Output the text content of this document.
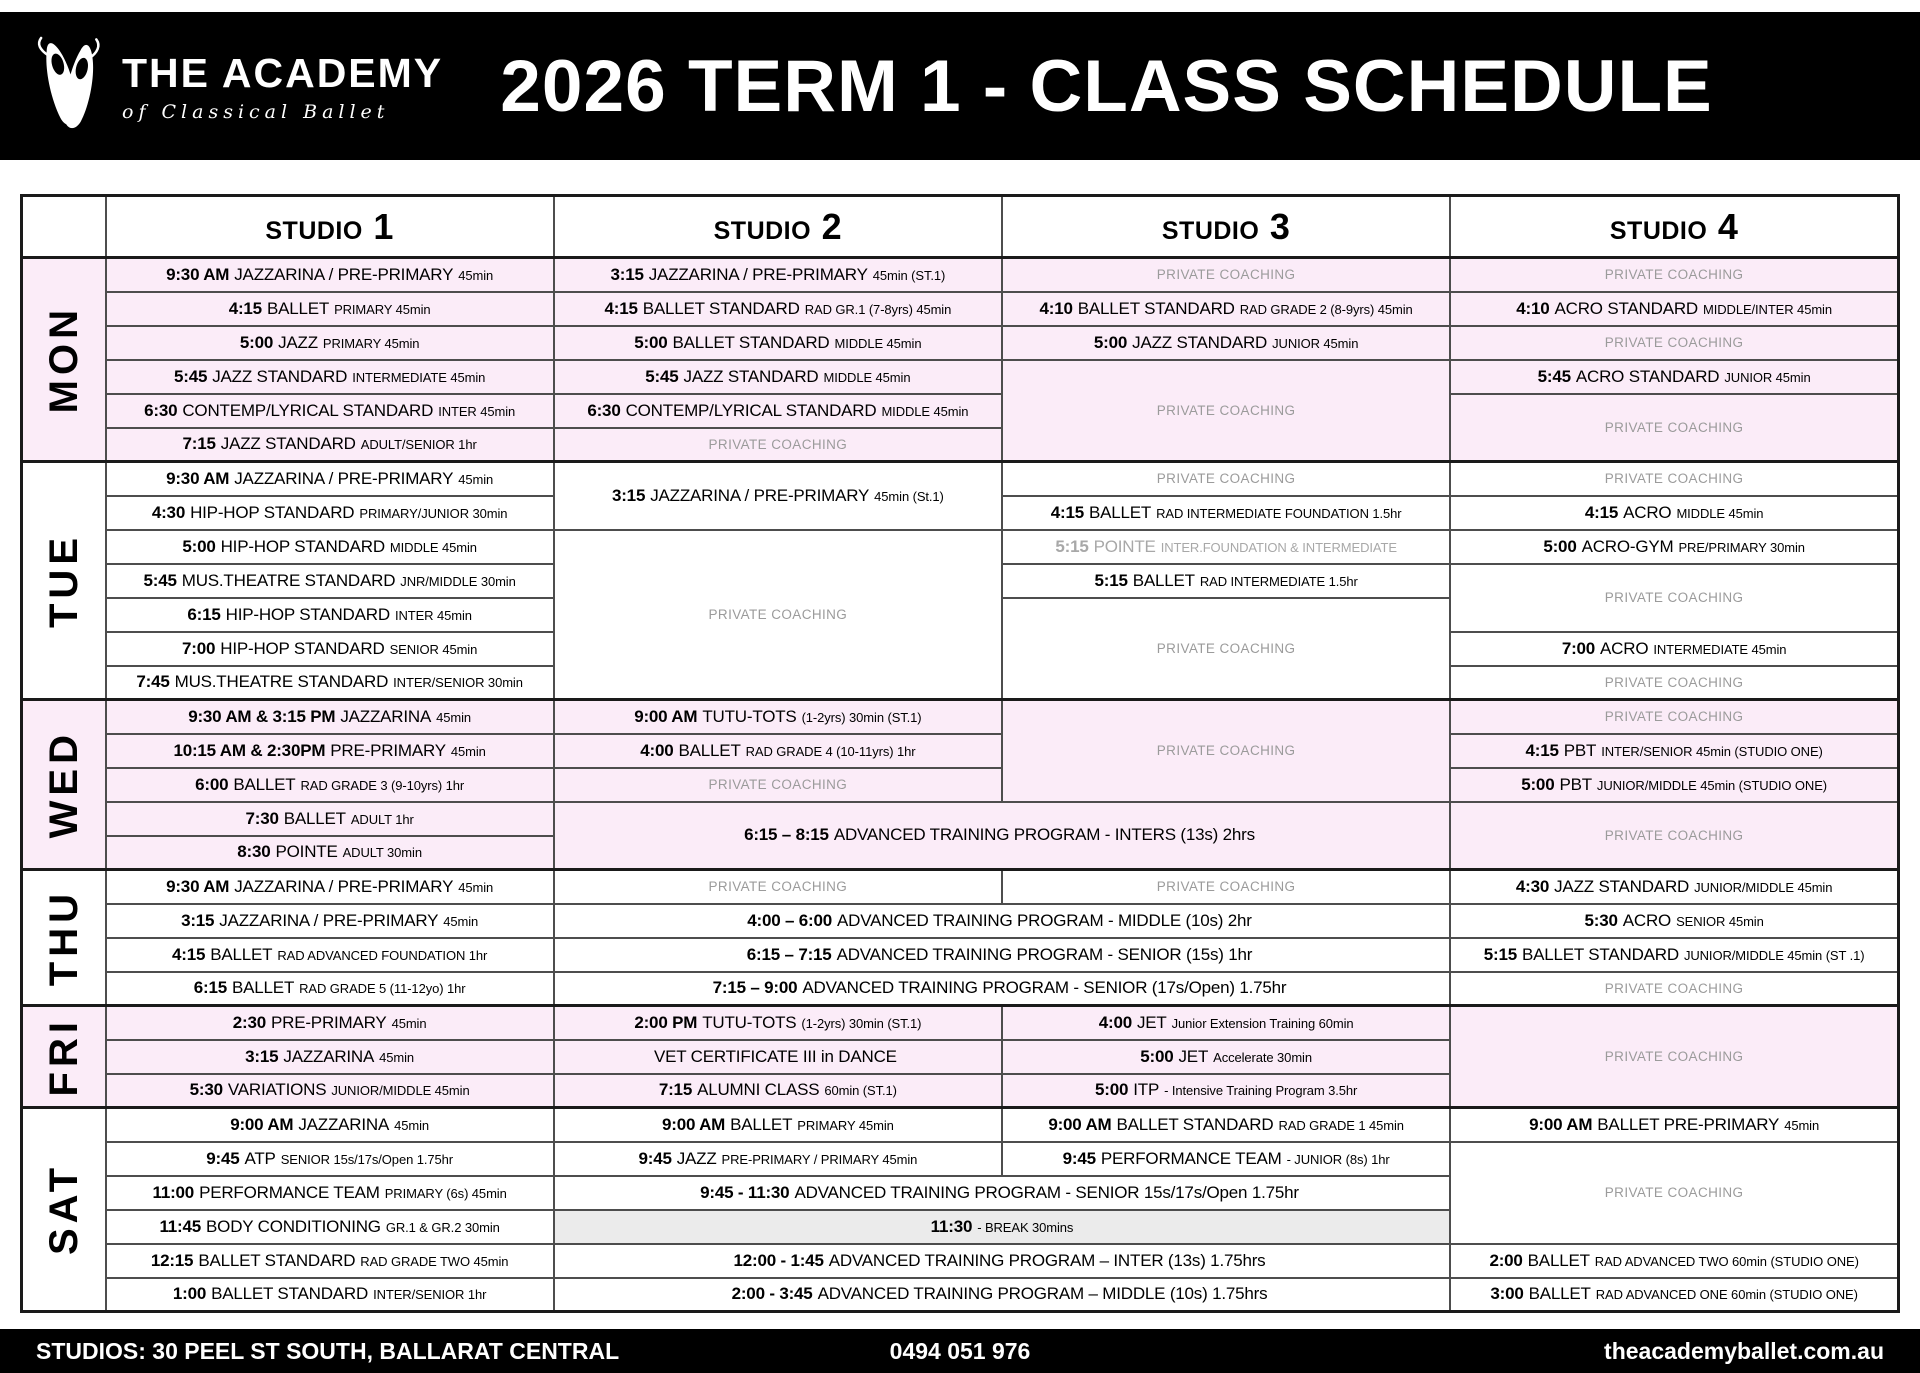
THE ACADEMY
of Classical Ballet	2026 TERM 1 - CLASS SCHEDULE
	studio 1	studio 2	studio 3	studio 4

MON	9:30 AM JAZZARINA / PRE-PRIMARY 45min	3:15 JAZZARINA / PRE-PRIMARY 45min (ST.1)	PRIVATE COACHING	PRIVATE COACHING
	4:15 BALLET PRIMARY 45min	4:15 BALLET STANDARD RAD GR.1 (7-8yrs) 45min	4:10 BALLET STANDARD RAD GRADE 2 (8-9yrs) 45min	4:10 ACRO STANDARD MIDDLE/INTER 45min
	5:00 JAZZ PRIMARY 45min	5:00 BALLET STANDARD MIDDLE 45min	5:00 JAZZ STANDARD JUNIOR 45min	PRIVATE COACHING
	5:45 JAZZ STANDARD INTERMEDIATE 45min	5:45 JAZZ STANDARD MIDDLE 45min	PRIVATE COACHING	5:45 ACRO STANDARD JUNIOR 45min
	6:30 CONTEMP/LYRICAL STANDARD INTER 45min	6:30 CONTEMP/LYRICAL STANDARD MIDDLE 45min		PRIVATE COACHING
	7:15 JAZZ STANDARD ADULT/SENIOR 1hr	PRIVATE COACHING		

TUE	9:30 AM JAZZARINA / PRE-PRIMARY 45min	3:15 JAZZARINA / PRE-PRIMARY 45min (St.1)	PRIVATE COACHING	PRIVATE COACHING
	4:30 HIP-HOP STANDARD PRIMARY/JUNIOR 30min		4:15 BALLET RAD INTERMEDIATE FOUNDATION 1.5hr	4:15 ACRO MIDDLE 45min
	5:00 HIP-HOP STANDARD MIDDLE 45min	PRIVATE COACHING	5:15 POINTE INTER.FOUNDATION & INTERMEDIATE	5:00 ACRO-GYM PRE/PRIMARY 30min
	5:45 MUS.THEATRE STANDARD JNR/MIDDLE 30min		5:15 BALLET RAD INTERMEDIATE 1.5hr	PRIVATE COACHING
	6:15 HIP-HOP STANDARD INTER 45min		PRIVATE COACHING	
	7:00 HIP-HOP STANDARD SENIOR 45min			7:00 ACRO INTERMEDIATE 45min
	7:45 MUS.THEATRE STANDARD INTER/SENIOR 30min			PRIVATE COACHING

WED	9:30 AM & 3:15 PM JAZZARINA 45min	9:00 AM TUTU-TOTS (1-2yrs) 30min (ST.1)	PRIVATE COACHING	PRIVATE COACHING
	10:15 AM & 2:30PM PRE-PRIMARY 45min	4:00 BALLET RAD GRADE 4 (10-11yrs) 1hr		4:15 PBT INTER/SENIOR 45min (STUDIO ONE)
	6:00 BALLET RAD GRADE 3 (9-10yrs) 1hr	PRIVATE COACHING		5:00 PBT JUNIOR/MIDDLE 45min (STUDIO ONE)
	7:30 BALLET ADULT 1hr	6:15 – 8:15 ADVANCED TRAINING PROGRAM - INTERS (13s) 2hrs		PRIVATE COACHING
	8:30 POINTE ADULT 30min			

THU	9:30 AM JAZZARINA / PRE-PRIMARY 45min	PRIVATE COACHING	PRIVATE COACHING	4:30 JAZZ STANDARD JUNIOR/MIDDLE 45min
	3:15 JAZZARINA / PRE-PRIMARY 45min	4:00 – 6:00 ADVANCED TRAINING PROGRAM - MIDDLE (10s) 2hr		5:30 ACRO SENIOR 45min
	4:15 BALLET RAD ADVANCED FOUNDATION 1hr	6:15 – 7:15 ADVANCED TRAINING PROGRAM - SENIOR (15s) 1hr		5:15 BALLET STANDARD JUNIOR/MIDDLE 45min (ST .1)
	6:15 BALLET RAD GRADE 5 (11-12yo) 1hr	7:15 – 9:00 ADVANCED TRAINING PROGRAM - SENIOR (17s/Open) 1.75hr		PRIVATE COACHING

FRI	2:30 PRE-PRIMARY 45min	2:00 PM TUTU-TOTS (1-2yrs) 30min (ST.1)	4:00 JET Junior Extension Training 60min	PRIVATE COACHING
	3:15 JAZZARINA 45min	VET CERTIFICATE III in DANCE	5:00 JET Accelerate 30min	
	5:30 VARIATIONS JUNIOR/MIDDLE 45min	7:15 ALUMNI CLASS 60min (ST.1)	5:00 ITP - Intensive Training Program 3.5hr	

SAT	9:00 AM JAZZARINA 45min	9:00 AM BALLET PRIMARY 45min	9:00 AM BALLET STANDARD RAD GRADE 1 45min	9:00 AM BALLET PRE-PRIMARY 45min
	9:45 ATP SENIOR 15s/17s/Open 1.75hr	9:45 JAZZ PRE-PRIMARY / PRIMARY 45min	9:45 PERFORMANCE TEAM - JUNIOR (8s) 1hr	PRIVATE COACHING
	11:00 PERFORMANCE TEAM PRIMARY (6s) 45min	9:45 - 11:30 ADVANCED TRAINING PROGRAM - SENIOR 15s/17s/Open 1.75hr		
	11:45 BODY CONDITIONING GR.1 & GR.2 30min	11:30 - BREAK 30mins		
	12:15 BALLET STANDARD RAD GRADE TWO 45min	12:00 - 1:45 ADVANCED TRAINING PROGRAM – INTER (13s) 1.75hrs		2:00 BALLET RAD ADVANCED TWO 60min (STUDIO ONE)
	1:00 BALLET STANDARD INTER/SENIOR 1hr	2:00 - 3:45 ADVANCED TRAINING PROGRAM – MIDDLE (10s) 1.75hrs		3:00 BALLET RAD ADVANCED ONE 60min (STUDIO ONE)
STUDIOS: 30 PEEL ST SOUTH, BALLARAT CENTRAL	0494 051 976	theacademyballet.com.au
